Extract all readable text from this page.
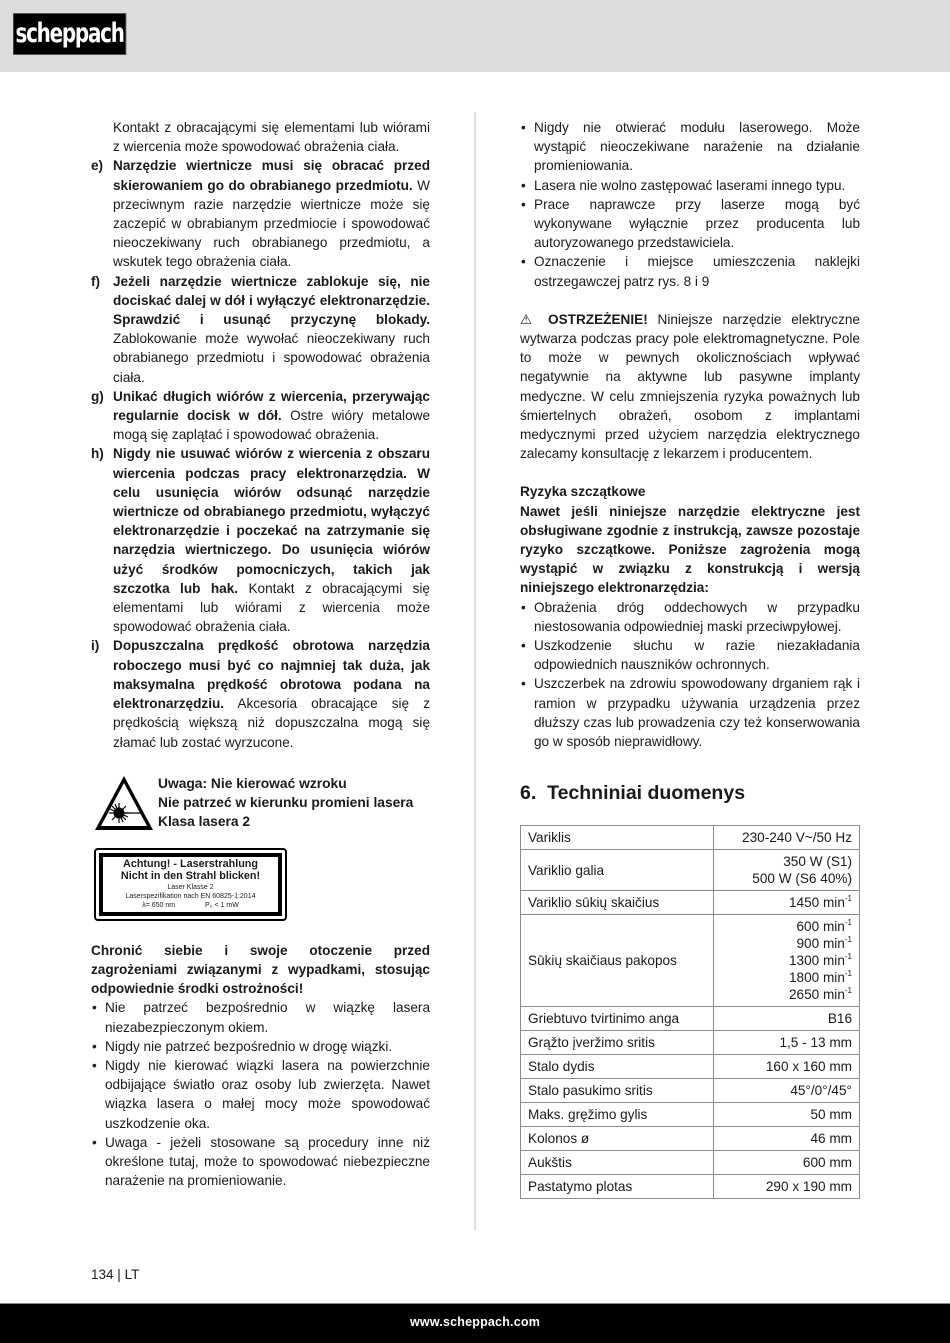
scheppach

Kontakt z obracającymi się elementami lub wiórami z wiercenia może spowodować obrażenia ciała.

e) Narzędzie wiertnicze musi się obracać przed skierowaniem go do obrabianego przedmiotu. W przeciwnym razie narzędzie wiertnicze może się zaczepić w obrabianym przedmiocie i spowodować nieoczekiwany ruch obrabianego przedmiotu, a wskutek tego obrażenia ciała.
f) Jeżeli narzędzie wiertnicze zablokuje się, nie dociskać dalej w dół i wyłączyć elektronarzędzie. Sprawdzić i usunąć przyczynę blokady. Zablokowanie może wywołać nieoczekiwany ruch obrabianego przedmiotu i spowodować obrażenia ciała.
g) Unikać długich wiórów z wiercenia, przerywając regularnie docisk w dół. Ostre wióry metalowe mogą się zaplątać i spowodować obrażenia.
h) Nigdy nie usuwać wiórów z wiercenia z obszaru wiercenia podczas pracy elektronarzędzia. W celu usunięcia wiórów odsunąć narzędzie wiertnicze od obrabianego przedmiotu, wyłączyć elektronarzędzie i poczekać na zatrzymanie się narzędzia wiertniczego. Do usunięcia wiórów użyć środków pomocniczych, takich jak szczotka lub hak. Kontakt z obracającymi się elementami lub wiórami z wiercenia może spowodować obrażenia ciała.
i) Dopuszczalna prędkość obrotowa narzędzia roboczego musi być co najmniej tak duża, jak maksymalna prędkość obrotowa podana na elektronarzędziu. Akcesoria obracające się z prędkością większą niż dopuszczalna mogą się złamać lub zostać wyrzucone.
Uwaga: Nie kierować wzroku
Nie patrzeć w kierunku promieni lasera
Klasa lasera 2
Achtung! - Laserstrahlung
Nicht in den Strahl blicken!
Laser Klasse 2
Laserspezifikation nach EN 60825-1:2014
λ= 650 nm	P₀ < 1 mW

Chronić siebie i swoje otoczenie przed zagrożeniami związanymi z wypadkami, stosując odpowiednie środki ostrożności!

• Nie patrzeć bezpośrednio w wiązkę lasera niezabezpieczonym okiem.
• Nigdy nie patrzeć bezpośrednio w drogę wiązki.
• Nigdy nie kierować wiązki lasera na powierzchnie odbijające światło oraz osoby lub zwierzęta. Nawet wiązka lasera o małej mocy może spowodować uszkodzenie oka.
• Uwaga - jeżeli stosowane są procedury inne niż określone tutaj, może to spowodować niebezpieczne narażenie na promieniowanie.
• Nigdy nie otwierać modułu laserowego. Może wystąpić nieoczekiwane narażenie na działanie promieniowania.
• Lasera nie wolno zastępować laserami innego typu.
• Prace naprawcze przy laserze mogą być wykonywane wyłącznie przez producenta lub autoryzowanego przedstawiciela.
• Oznaczenie i miejsce umieszczenia naklejki ostrzegawczej patrz rys. 8 i 9

⚠ OSTRZEŻENIE! Niniejsze narzędzie elektryczne wytwarza podczas pracy pole elektromagnetyczne. Pole to może w pewnych okolicznościach wpływać negatywnie na aktywne lub pasywne implanty medyczne. W celu zmniejszenia ryzyka poważnych lub śmiertelnych obrażeń, osobom z implantami medycznymi przed użyciem narzędzia elektrycznego zalecamy konsultację z lekarzem i producentem.

Ryzyka szczątkowe

Nawet jeśli niniejsze narzędzie elektryczne jest obsługiwane zgodnie z instrukcją, zawsze pozostaje ryzyko szczątkowe. Poniższe zagrożenia mogą wystąpić w związku z konstrukcją i wersją niniejszego elektronarzędzia:

• Obrażenia dróg oddechowych w przypadku niestosowania odpowiedniej maski przeciwpyłowej.
• Uszkodzenie słuchu w razie niezakładania odpowiednich nauszników ochronnych.
• Uszczerbek na zdrowiu spowodowany drganiem rąk i ramion w przypadku używania urządzenia przez dłuższy czas lub prowadzenia czy też konserwowania go w sposób nieprawidłowy.
6. Techniniai duomenys
Variklis	230-240 V~/50 Hz

Variklio galia	350 W (S1)
500 W (S6 40%)

Variklio sūkių skaičius	1450 $\min^{-1}$

Sūkių skaičiaus pakopos	600 $\min^{-1}$
900 $\min^{-1}$
1300 $\min^{-1}$
1800 $\min^{-1}$
2650 $\min^{-1}$

Griebtuvo tvirtinimo anga	B16

Grąžto įveržimo sritis	1,5 - 13 mm

Stalo dydis	160 x 160 mm

Stalo pasukimo sritis	45°/0°/45°

Maks. gręžimo gylis	50 mm

Kolonos ø	46 mm

Aukštis	600 mm

Pastatymo plotas	290 x 190 mm
134 | LT
www.scheppach.com
